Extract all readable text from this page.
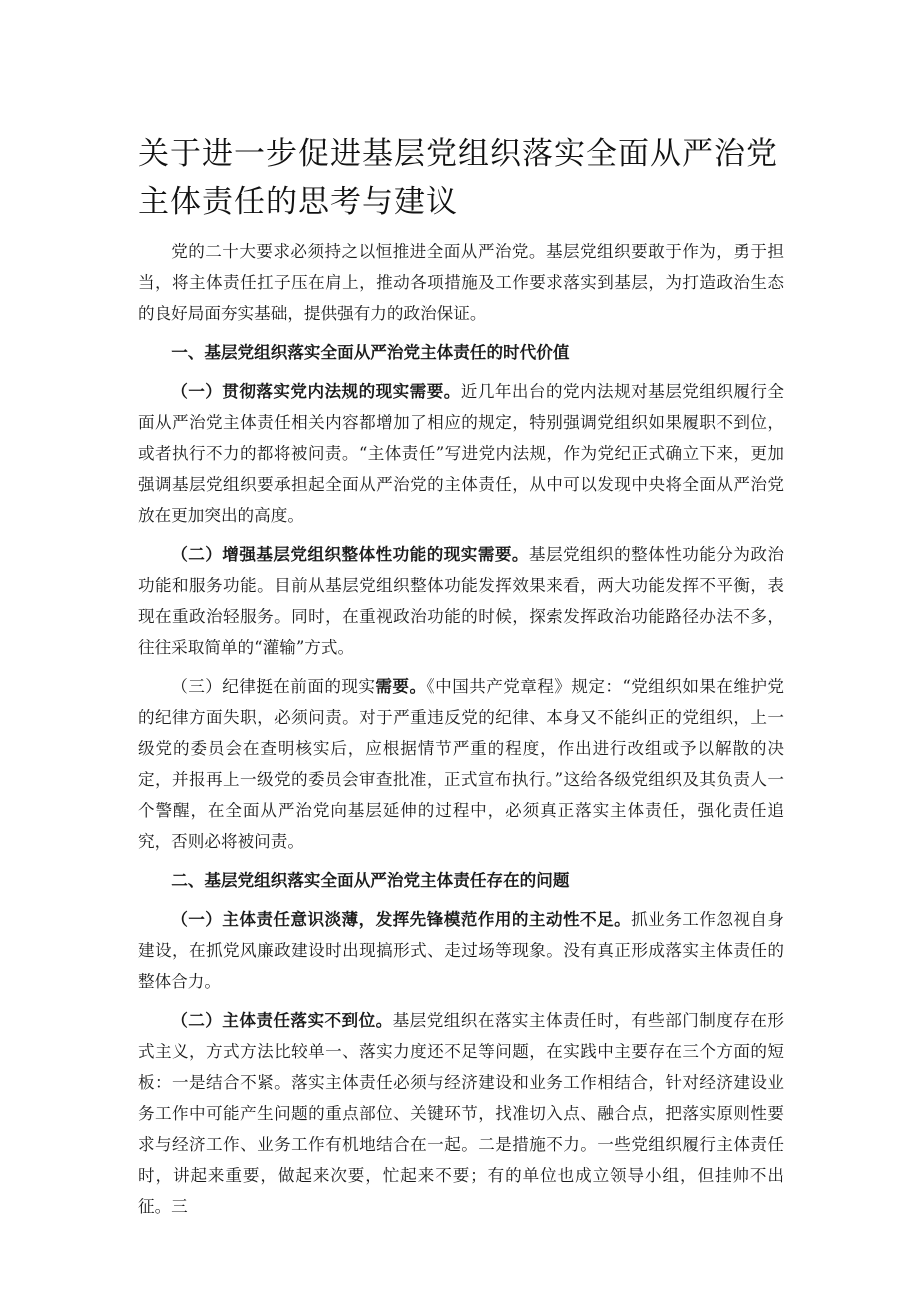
关于进一步促进基层党组织落实全面从严治党主体责任的思考与建议

党的二十大要求必须持之以恒推进全面从严治党。基层党组织要敢于作为，勇于担当，将主体责任扛子压在肩上，推动各项措施及工作要求落实到基层，为打造政治生态的良好局面夯实基础，提供强有力的政治保证。

一、基层党组织落实全面从严治党主体责任的时代价值

（一）贯彻落实党内法规的现实需要。近几年出台的党内法规对基层党组织履行全面从严治党主体责任相关内容都增加了相应的规定，特别强调党组织如果履职不到位，或者执行不力的都将被问责。“主体责任”写进党内法规，作为党纪正式确立下来，更加强调基层党组织要承担起全面从严治党的主体责任，从中可以发现中央将全面从严治党放在更加突出的高度。

（二）增强基层党组织整体性功能的现实需要。基层党组织的整体性功能分为政治功能和服务功能。目前从基层党组织整体功能发挥效果来看，两大功能发挥不平衡，表现在重政治轻服务。同时，在重视政治功能的时候，探索发挥政治功能路径办法不多，往往采取简单的“灌输”方式。

（三）纪律挺在前面的现实需要。《中国共产党章程》规定：“党组织如果在维护党的纪律方面失职，必须问责。对于严重违反党的纪律、本身又不能纠正的党组织，上一级党的委员会在查明核实后，应根据情节严重的程度，作出进行改组或予以解散的决定，并报再上一级党的委员会审查批准，正式宣布执行。”这给各级党组织及其负责人一个警醒，在全面从严治党向基层延伸的过程中，必须真正落实主体责任，强化责任追究，否则必将被问责。

二、基层党组织落实全面从严治党主体责任存在的问题

（一）主体责任意识淡薄，发挥先锋模范作用的主动性不足。抓业务工作忽视自身建设，在抓党风廉政建设时出现搞形式、走过场等现象。没有真正形成落实主体责任的整体合力。

（二）主体责任落实不到位。基层党组织在落实主体责任时，有些部门制度存在形式主义，方式方法比较单一、落实力度还不足等问题，在实践中主要存在三个方面的短板：一是结合不紧。落实主体责任必须与经济建设和业务工作相结合，针对经济建设业务工作中可能产生问题的重点部位、关键环节，找准切入点、融合点，把落实原则性要求与经济工作、业务工作有机地结合在一起。二是措施不力。一些党组织履行主体责任时，讲起来重要，做起来次要，忙起来不要；有的单位也成立领导小组，但挂帅不出征。三
